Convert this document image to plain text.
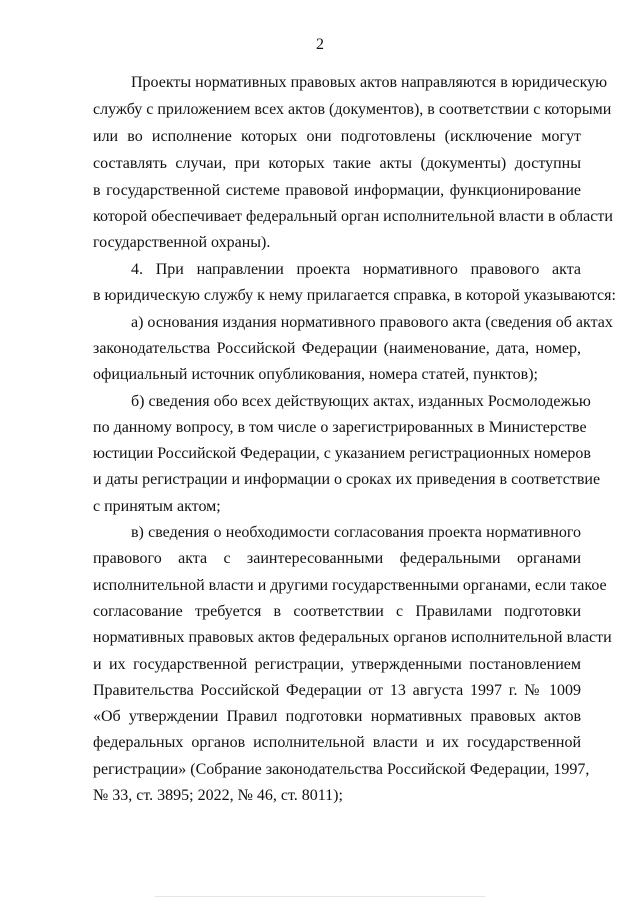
2
Проекты нормативных правовых актов направляются в юридическую
службу с приложением всех актов (документов), в соответствии с которыми
или во исполнение которых они подготовлены (исключение могут
составлять случаи, при которых такие акты (документы) доступны
в государственной системе правовой информации, функционирование
которой обеспечивает федеральный орган исполнительной власти в области
государственной охраны).
4. При направлении проекта нормативного правового акта
в юридическую службу к нему прилагается справка, в которой указываются:
а) основания издания нормативного правового акта (сведения об актах
законодательства Российской Федерации (наименование, дата, номер,
официальный источник опубликования, номера статей, пунктов);
б) сведения обо всех действующих актах, изданных Росмолодежью
по данному вопросу, в том числе о зарегистрированных в Министерстве
юстиции Российской Федерации, с указанием регистрационных номеров
и даты регистрации и информации о сроках их приведения в соответствие
с принятым актом;
в) сведения о необходимости согласования проекта нормативного
правового акта с заинтересованными федеральными органами
исполнительной власти и другими государственными органами, если такое
согласование требуется в соответствии с Правилами подготовки
нормативных правовых актов федеральных органов исполнительной власти
и их государственной регистрации, утвержденными постановлением
Правительства Российской Федерации от 13 августа 1997 г. № 1009
«Об утверждении Правил подготовки нормативных правовых актов
федеральных органов исполнительной власти и их государственной
регистрации» (Собрание законодательства Российской Федерации, 1997,
№ 33, ст. 3895; 2022, № 46, ст. 8011);
